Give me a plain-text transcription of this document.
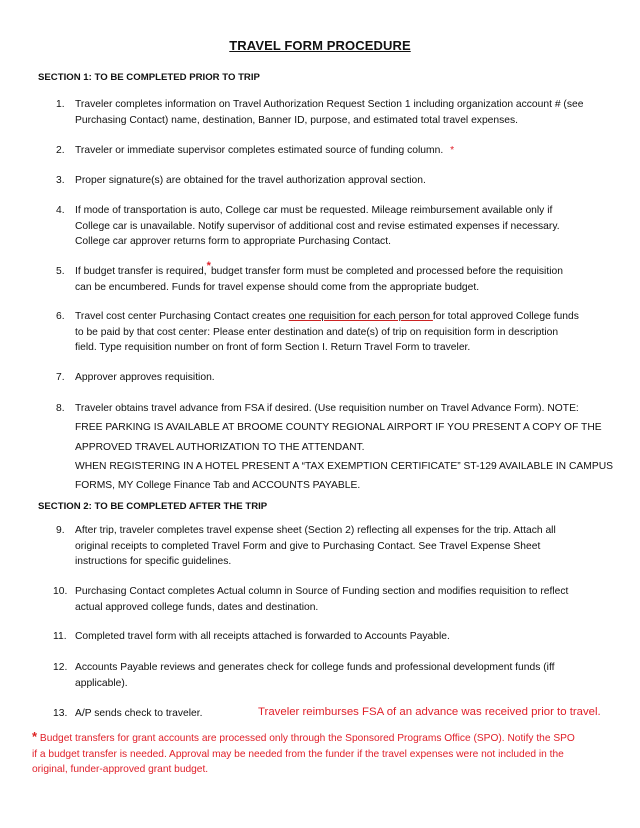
TRAVEL FORM PROCEDURE
SECTION 1: TO BE COMPLETED PRIOR TO TRIP
1.	Traveler completes information on Travel Authorization Request Section 1 including organization account # (see
Purchasing Contact) name, destination, Banner ID, purpose, and estimated total travel expenses.
2.	Traveler or immediate supervisor completes estimated source of funding column. *
3.	Proper signature(s) are obtained for the travel authorization approval section.
4.	If mode of transportation is auto, College car must be requested. Mileage reimbursement available only if
College car is unavailable. Notify supervisor of additional cost and revise estimated expenses if necessary.
College car approver returns form to appropriate Purchasing Contact.
5.	If budget transfer is required,*budget transfer form must be completed and processed before the requisition
can be encumbered. Funds for travel expense should come from the appropriate budget.
6.	Travel cost center Purchasing Contact creates one requisition for each person for total approved College funds
to be paid by that cost center: Please enter destination and date(s) of trip on requisition form in description
field. Type requisition number on front of form Section I. Return Travel Form to traveler.
7.	Approver approves requisition.
8.	Traveler obtains travel advance from FSA if desired. (Use requisition number on Travel Advance Form). NOTE:
FREE PARKING IS AVAILABLE AT BROOME COUNTY REGIONAL AIRPORT IF YOU PRESENT A COPY OF THE
APPROVED TRAVEL AUTHORIZATION TO THE ATTENDANT.
WHEN REGISTERING IN A HOTEL PRESENT A “TAX EXEMPTION CERTIFICATE” ST-129 AVAILABLE IN CAMPUS
FORMS, MY College Finance Tab and ACCOUNTS PAYABLE.
SECTION 2: TO BE COMPLETED AFTER THE TRIP
9.	After trip, traveler completes travel expense sheet (Section 2) reflecting all expenses for the trip. Attach all
original receipts to completed Travel Form and give to Purchasing Contact. See Travel Expense Sheet
instructions for specific guidelines.
10. Purchasing Contact completes Actual column in Source of Funding section and modifies requisition to reflect
actual approved college funds, dates and destination.
11. Completed travel form with all receipts attached is forwarded to Accounts Payable.
12. Accounts Payable reviews and generates check for college funds and professional development funds (iff
applicable).
13. A/P sends check to traveler.	Traveler reimburses FSA of an advance was received prior to travel.
* Budget transfers for grant accounts are processed only through the Sponsored Programs Office (SPO). Notify the SPO
if a budget transfer is needed. Approval may be needed from the funder if the travel expenses were not included in the
original, funder-approved grant budget.
